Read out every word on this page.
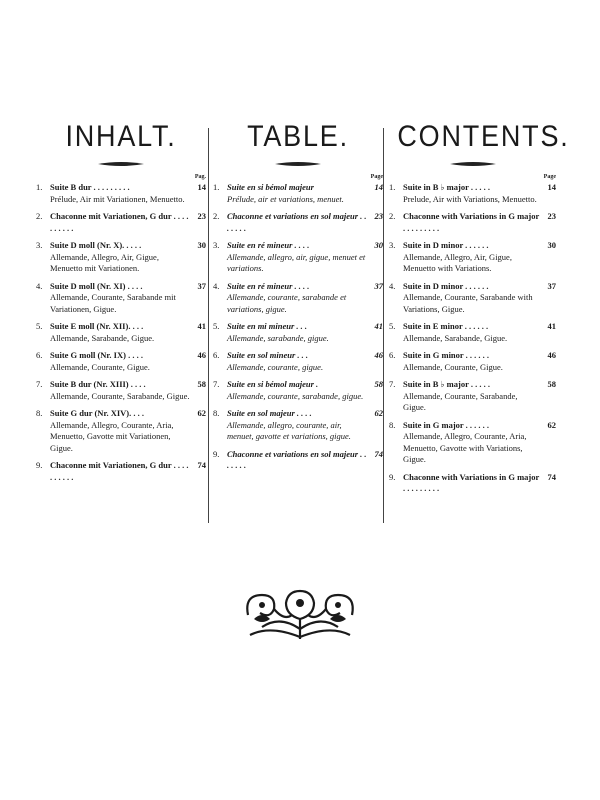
INHALT.
Pag.
1. Suite B dur . . . . . . . . .
Prélude, Air mit Variationen, Menuetto.
14
2. Chaconne mit Variationen, G dur . . . . . . . . . .
23
3. Suite D moll (Nr. X). . . . .
Allemande, Allegro, Air, Gigue, Menuetto mit Variationen.
30
4. Suite D moll (Nr. XI) . . . .
Allemande, Courante, Sarabande mit Variationen, Gigue.
37
5. Suite E moll (Nr. XII). . . .
Allemande, Sarabande, Gigue.
41
6. Suite G moll (Nr. IX) . . . .
Allemande, Courante, Gigue.
46
7. Suite B dur (Nr. XIII) . . . .
Allemande, Courante, Sarabande, Gigue.
58
8. Suite G dur (Nr. XIV). . . .
Allemande, Allegro, Courante, Aria, Menuetto, Gavotte mit Variationen, Gigue.
62
9. Chaconne mit Variationen, G dur . . . . . . . . . .
74
TABLE.
Page
1. Suite en si bémol majeur
Prélude, air et variations, menuet.
14
2. Chaconne et variations en sol majeur . . . . . . .
23
3. Suite en ré mineur . . . .
Allemande, allegro, air, gigue, menuet et variations.
30
4. Suite en ré mineur . . . .
Allemande, courante, sarabande et variations, gigue.
37
5. Suite en mi mineur . . .
Allemande, sarabande, gigue.
41
6. Suite en sol mineur . . .
Allemande, courante, gigue.
46
7. Suite en si bémol majeur .
Allemande, courante, sarabande, gigue.
58
8. Suite en sol majeur . . . .
Allemande, allegro, courante, air, menuet, gavotte et variations, gigue.
62
9. Chaconne et variations en sol majeur . . . . . . .
74
CONTENTS.
Page
1. Suite in B ♭ major . . . . .
Prelude, Air with Variations, Menuetto.
14
2. Chaconne with Variations in G major . . . . . . . . .
23
3. Suite in D minor . . . . . .
Allemande, Allegro, Air, Gigue, Menuetto with Variations.
30
4. Suite in D minor . . . . . .
Allemande, Courante, Sarabande with Variations, Gigue.
37
5. Suite in E minor . . . . . .
Allemande, Sarabande, Gigue.
41
6. Suite in G minor . . . . . .
Allemande, Courante, Gigue.
46
7. Suite in B ♭ major . . . . .
Allemande, Courante, Sarabande, Gigue.
58
8. Suite in G major . . . . . .
Allemande, Allegro, Courante, Aria, Menuetto, Gavotte with Variations, Gigue.
62
9. Chaconne with Variations in G major . . . . . . . . .
74
